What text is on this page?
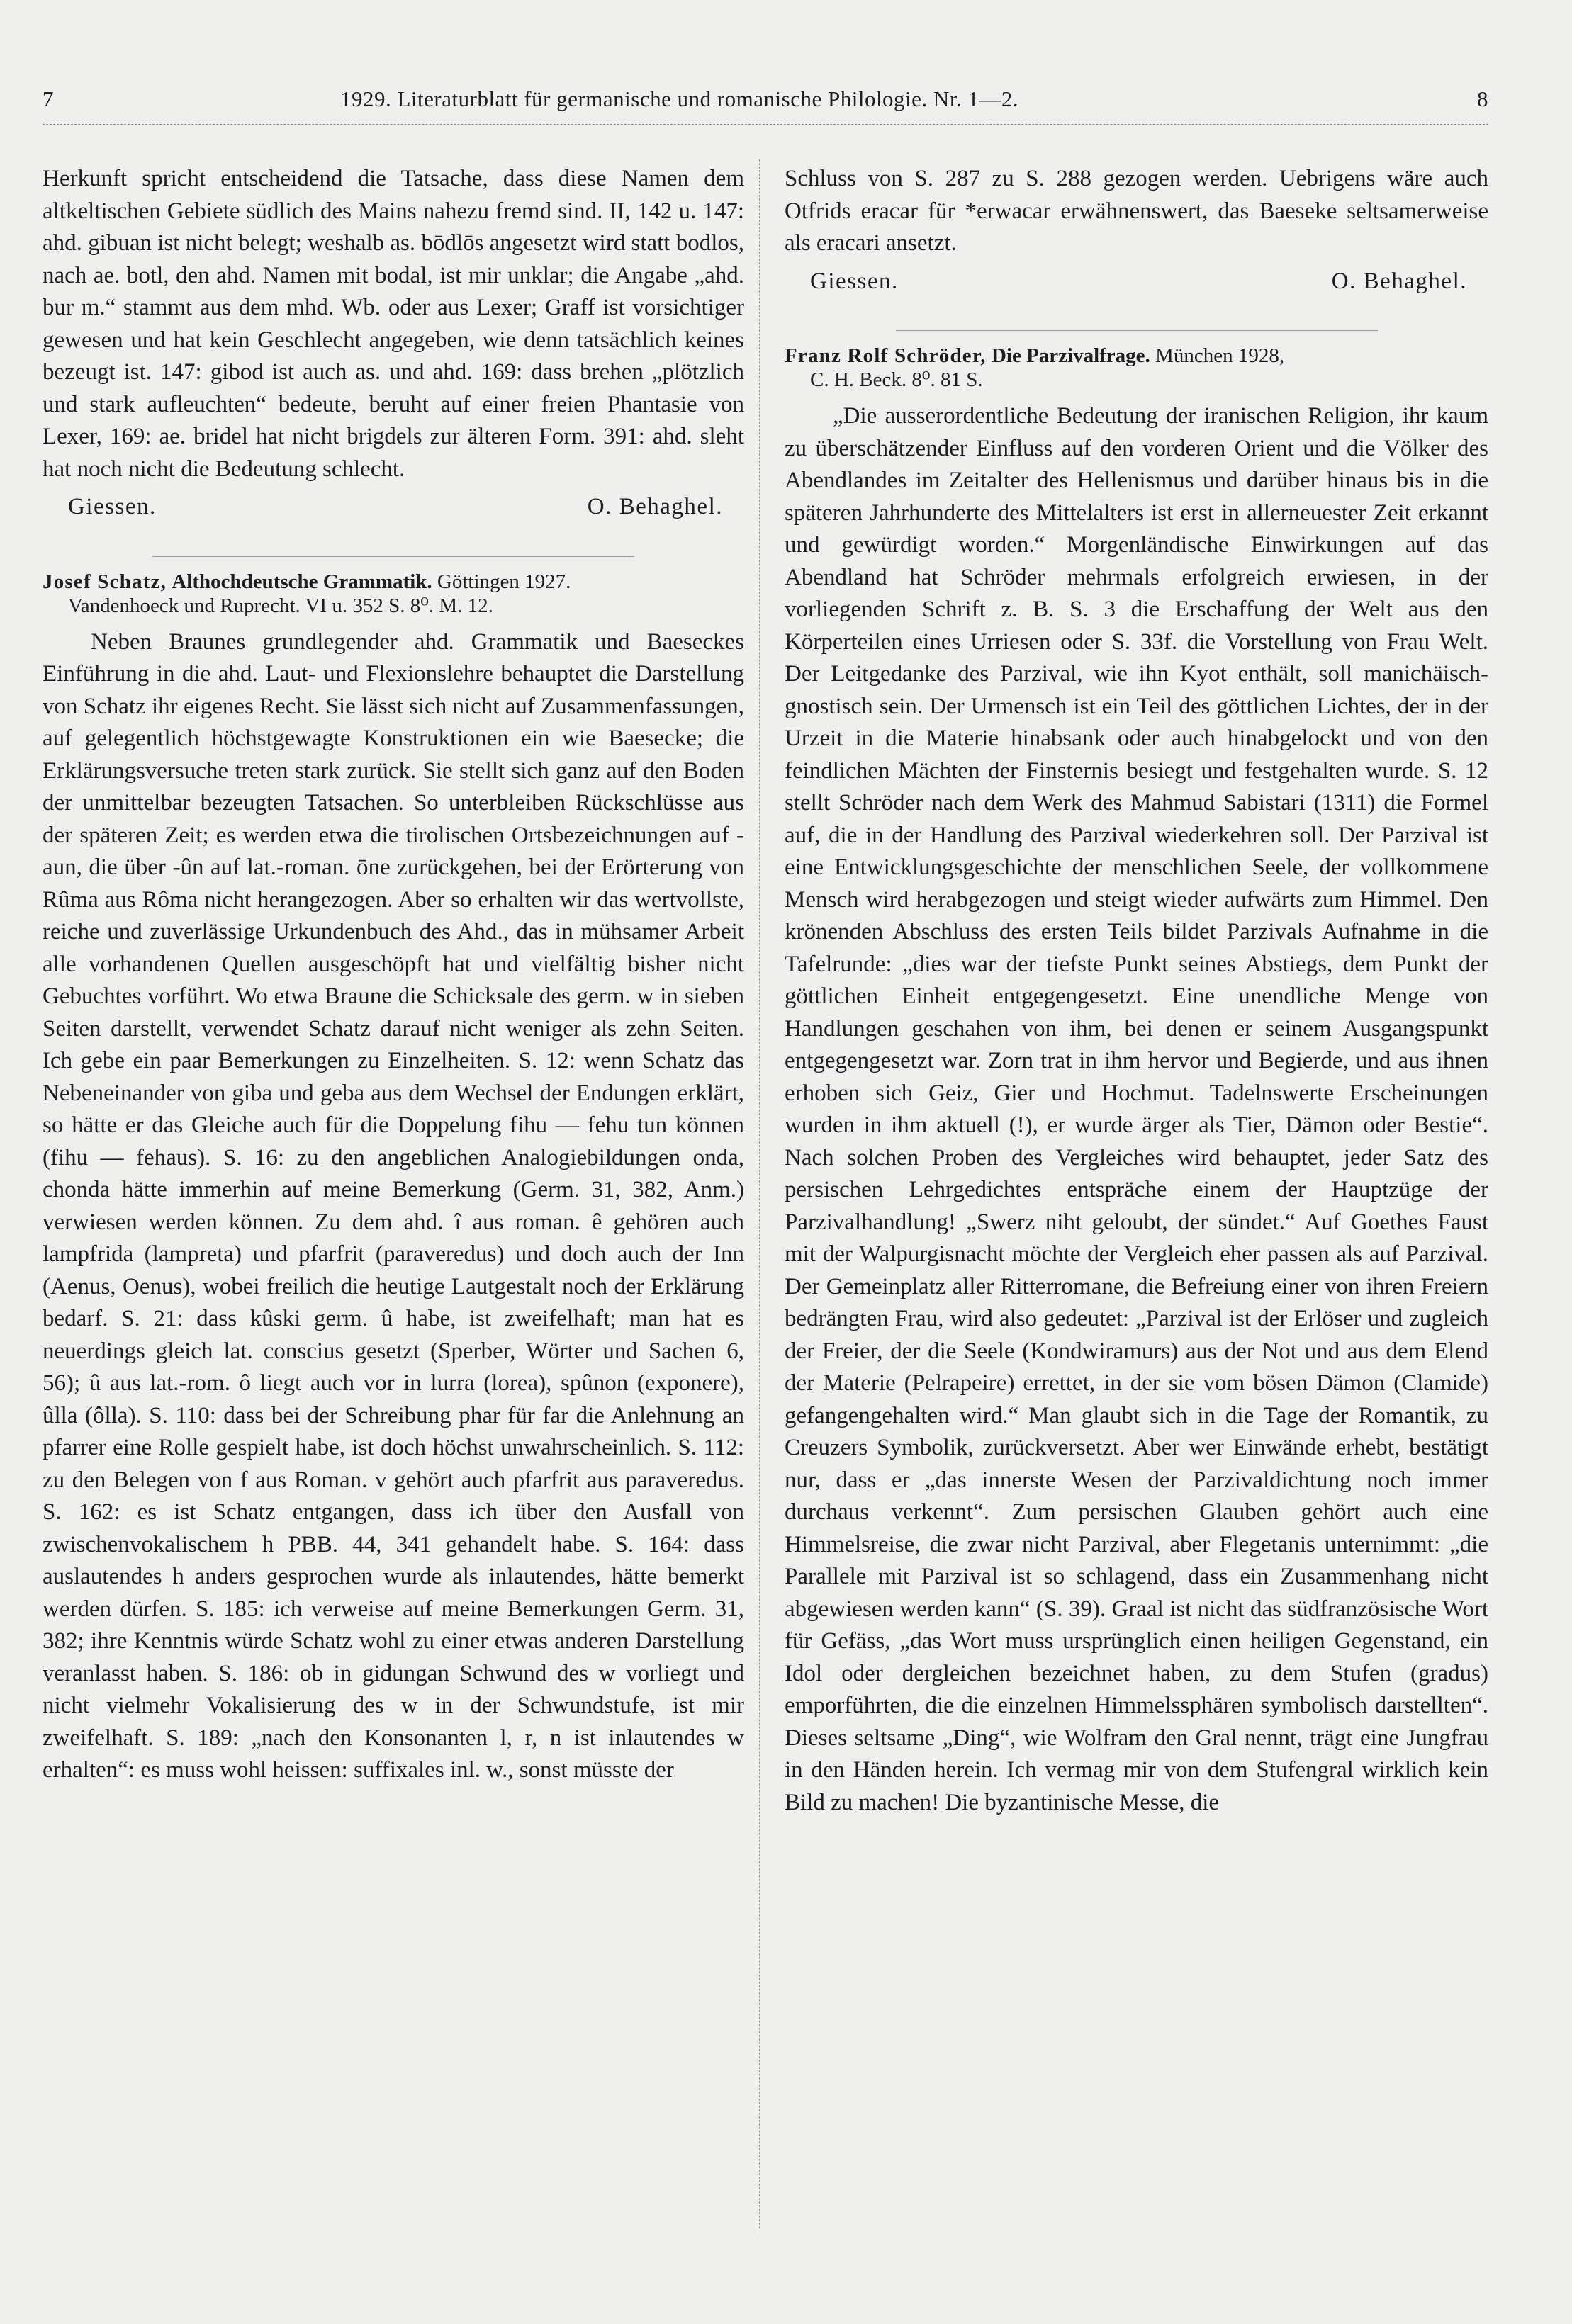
7	1929. Literaturblatt für germanische und romanische Philologie. Nr. 1—2.	8

Herkunft spricht entscheidend die Tatsache, dass diese Namen dem altkeltischen Gebiete südlich des Mains nahezu fremd sind. II, 142 u. 147: ahd. gibuan ist nicht belegt; weshalb as. bōdlōs angesetzt wird statt bodlos, nach ae. botl, den ahd. Namen mit bodal, ist mir unklar; die Angabe „ahd. bur m.“ stammt aus dem mhd. Wb. oder aus Lexer; Graff ist vorsichtiger gewesen und hat kein Geschlecht angegeben, wie denn tatsächlich keines bezeugt ist. 147: gibod ist auch as. und ahd. 169: dass brehen „plötzlich und stark aufleuchten“ bedeute, beruht auf einer freien Phantasie von Lexer, 169: ae. bridel hat nicht brigdels zur älteren Form. 391: ahd. sleht hat noch nicht die Bedeutung schlecht.

Giessen.	O. Behaghel.
Josef Schatz, Althochdeutsche Grammatik. Göttingen 1927.
Vandenhoeck und Ruprecht. VI u. 352 S. 8⁰. M. 12.

Neben Braunes grundlegender ahd. Grammatik und Baeseckes Einführung in die ahd. Laut- und Flexionslehre behauptet die Darstellung von Schatz ihr eigenes Recht. Sie lässt sich nicht auf Zusammenfassungen, auf gelegentlich höchstgewagte Konstruktionen ein wie Baesecke; die Erklärungsversuche treten stark zurück. Sie stellt sich ganz auf den Boden der unmittelbar bezeugten Tatsachen. So unterbleiben Rückschlüsse aus der späteren Zeit; es werden etwa die tirolischen Ortsbezeichnungen auf -aun, die über -ûn auf lat.-roman. ōne zurückgehen, bei der Erörterung von Rûma aus Rôma nicht herangezogen. Aber so erhalten wir das wertvollste, reiche und zuverlässige Urkundenbuch des Ahd., das in mühsamer Arbeit alle vorhandenen Quellen ausgeschöpft hat und vielfältig bisher nicht Gebuchtes vorführt. Wo etwa Braune die Schicksale des germ. w in sieben Seiten darstellt, verwendet Schatz darauf nicht weniger als zehn Seiten. Ich gebe ein paar Bemerkungen zu Einzelheiten. S. 12: wenn Schatz das Nebeneinander von giba und geba aus dem Wechsel der Endungen erklärt, so hätte er das Gleiche auch für die Doppelung fihu — fehu tun können (fihu — fehaus). S. 16: zu den angeblichen Analogiebildungen onda, chonda hätte immerhin auf meine Bemerkung (Germ. 31, 382, Anm.) verwiesen werden können. Zu dem ahd. î aus roman. ê gehören auch lampfrida (lampreta) und pfarfrit (paraveredus) und doch auch der Inn (Aenus, Oenus), wobei freilich die heutige Lautgestalt noch der Erklärung bedarf. S. 21: dass kûski germ. û habe, ist zweifelhaft; man hat es neuerdings gleich lat. conscius gesetzt (Sperber, Wörter und Sachen 6, 56); û aus lat.-rom. ô liegt auch vor in lurra (lorea), spûnon (exponere), ûlla (ôlla). S. 110: dass bei der Schreibung phar für far die Anlehnung an pfarrer eine Rolle gespielt habe, ist doch höchst unwahrscheinlich. S. 112: zu den Belegen von f aus Roman. v gehört auch pfarfrit aus paraveredus. S. 162: es ist Schatz entgangen, dass ich über den Ausfall von zwischenvokalischem h PBB. 44, 341 gehandelt habe. S. 164: dass auslautendes h anders gesprochen wurde als inlautendes, hätte bemerkt werden dürfen. S. 185: ich verweise auf meine Bemerkungen Germ. 31, 382; ihre Kenntnis würde Schatz wohl zu einer etwas anderen Darstellung veranlasst haben. S. 186: ob in gidungan Schwund des w vorliegt und nicht vielmehr Vokalisierung des w in der Schwundstufe, ist mir zweifelhaft. S. 189: „nach den Konsonanten l, r, n ist inlautendes w erhalten“: es muss wohl heissen: suffixales inl. w., sonst müsste der

Schluss von S. 287 zu S. 288 gezogen werden. Uebrigens wäre auch Otfrids eracar für *erwacar erwähnenswert, das Baeseke seltsamerweise als eracari ansetzt.

Giessen.	O. Behaghel.
Franz Rolf Schröder, Die Parzivalfrage. München 1928,
C. H. Beck. 8⁰. 81 S.

„Die ausserordentliche Bedeutung der iranischen Religion, ihr kaum zu überschätzender Einfluss auf den vorderen Orient und die Völker des Abendlandes im Zeitalter des Hellenismus und darüber hinaus bis in die späteren Jahrhunderte des Mittelalters ist erst in allerneuester Zeit erkannt und gewürdigt worden.“ Morgenländische Einwirkungen auf das Abendland hat Schröder mehrmals erfolgreich erwiesen, in der vorliegenden Schrift z. B. S. 3 die Erschaffung der Welt aus den Körperteilen eines Urriesen oder S. 33f. die Vorstellung von Frau Welt. Der Leitgedanke des Parzival, wie ihn Kyot enthält, soll manichäisch-gnostisch sein. Der Urmensch ist ein Teil des göttlichen Lichtes, der in der Urzeit in die Materie hinabsank oder auch hinabgelockt und von den feindlichen Mächten der Finsternis besiegt und festgehalten wurde. S. 12 stellt Schröder nach dem Werk des Mahmud Sabistari (1311) die Formel auf, die in der Handlung des Parzival wiederkehren soll. Der Parzival ist eine Entwicklungsgeschichte der menschlichen Seele, der vollkommene Mensch wird herabgezogen und steigt wieder aufwärts zum Himmel. Den krönenden Abschluss des ersten Teils bildet Parzivals Aufnahme in die Tafelrunde: „dies war der tiefste Punkt seines Abstiegs, dem Punkt der göttlichen Einheit entgegengesetzt. Eine unendliche Menge von Handlungen geschahen von ihm, bei denen er seinem Ausgangspunkt entgegengesetzt war. Zorn trat in ihm hervor und Begierde, und aus ihnen erhoben sich Geiz, Gier und Hochmut. Tadelnswerte Erscheinungen wurden in ihm aktuell (!), er wurde ärger als Tier, Dämon oder Bestie“. Nach solchen Proben des Vergleiches wird behauptet, jeder Satz des persischen Lehrgedichtes entspräche einem der Hauptzüge der Parzivalhandlung! „Swerz niht geloubt, der sündet.“ Auf Goethes Faust mit der Walpurgisnacht möchte der Vergleich eher passen als auf Parzival. Der Gemeinplatz aller Ritterromane, die Befreiung einer von ihren Freiern bedrängten Frau, wird also gedeutet: „Parzival ist der Erlöser und zugleich der Freier, der die Seele (Kondwiramurs) aus der Not und aus dem Elend der Materie (Pelrapeire) errettet, in der sie vom bösen Dämon (Clamide) gefangengehalten wird.“ Man glaubt sich in die Tage der Romantik, zu Creuzers Symbolik, zurückversetzt. Aber wer Einwände erhebt, bestätigt nur, dass er „das innerste Wesen der Parzivaldichtung noch immer durchaus verkennt“. Zum persischen Glauben gehört auch eine Himmelsreise, die zwar nicht Parzival, aber Flegetanis unternimmt: „die Parallele mit Parzival ist so schlagend, dass ein Zusammenhang nicht abgewiesen werden kann“ (S. 39). Graal ist nicht das südfranzösische Wort für Gefäss, „das Wort muss ursprünglich einen heiligen Gegenstand, ein Idol oder dergleichen bezeichnet haben, zu dem Stufen (gradus) emporführten, die die einzelnen Himmelssphären symbolisch darstellten“. Dieses seltsame „Ding“, wie Wolfram den Gral nennt, trägt eine Jungfrau in den Händen herein. Ich vermag mir von dem Stufengral wirklich kein Bild zu machen! Die byzantinische Messe, die
